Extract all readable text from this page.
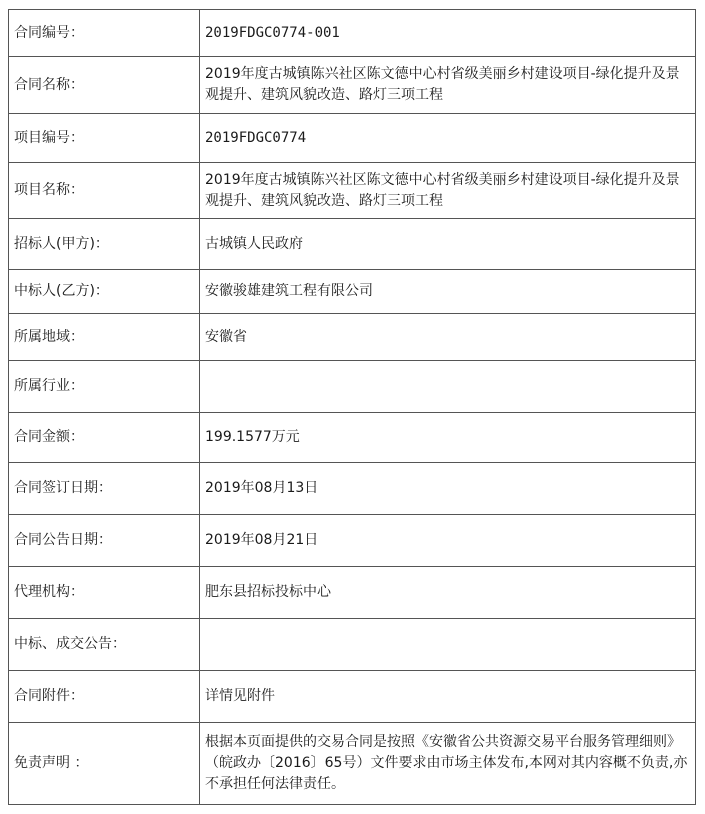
合同编号：	2019FDGC0774-001
合同名称：	2019年度古城镇陈兴社区陈文德中心村省级美丽乡村建设项目-绿化提升及景观提升、建筑风貌改造、路灯三项工程
项目编号：	2019FDGC0774
项目名称：	2019年度古城镇陈兴社区陈文德中心村省级美丽乡村建设项目-绿化提升及景观提升、建筑风貌改造、路灯三项工程
招标人(甲方)：	古城镇人民政府
中标人(乙方)：	安徽骏雄建筑工程有限公司
所属地域：	安徽省
所属行业：	
合同金额：	199.1577万元
合同签订日期：	2019年08月13日
合同公告日期：	2019年08月21日
代理机构：	肥东县招标投标中心
中标、成交公告：	
合同附件：	详情见附件
免责声明 ：	根据本页面提供的交易合同是按照《安徽省公共资源交易平台服务管理细则》（皖政办〔2016〕65号）文件要求由市场主体发布,本网对其内容概不负责,亦不承担任何法律责任。
